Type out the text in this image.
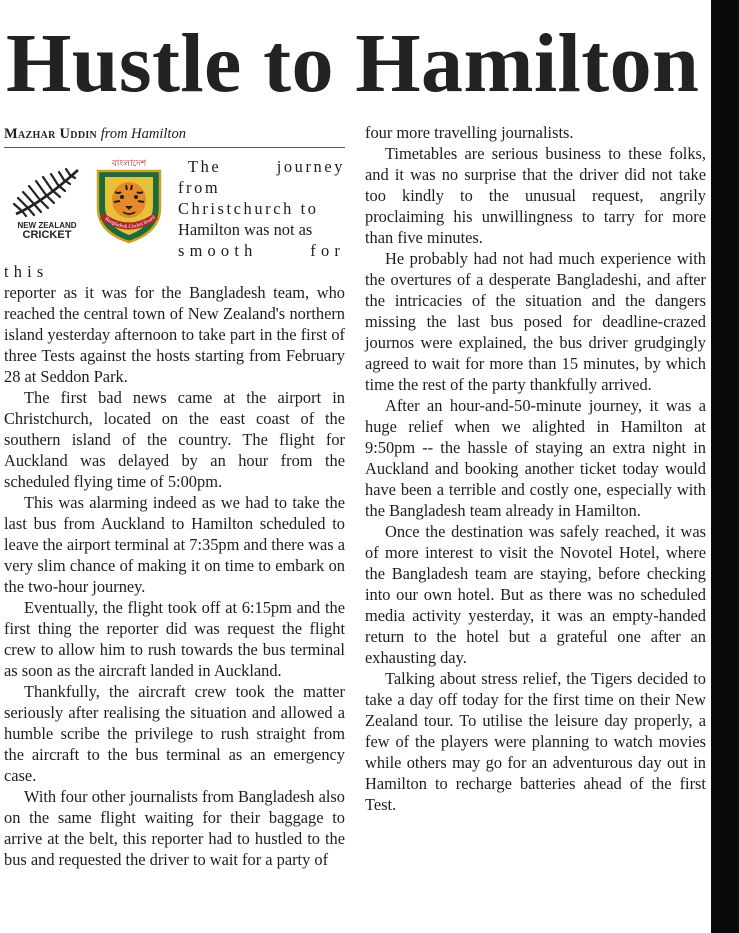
Hustle to Hamilton
Mazhar Uddin from Hamilton
NEW ZEALAND
CRICKET
বাংলাদেশ
Bangladesh Cricket Board

The journey from

Christchurch to

Hamilton was not as

smooth for this

reporter as it was for the Bangladesh team, who reached the central town of New Zealand's northern island yesterday afternoon to take part in the first of three Tests against the hosts starting from February 28 at Seddon Park.

The first bad news came at the airport in Christchurch, located on the east coast of the southern island of the country. The flight for Auckland was delayed by an hour from the scheduled flying time of 5:00pm.

This was alarming indeed as we had to take the last bus from Auckland to Hamilton scheduled to leave the airport terminal at 7:35pm and there was a very slim chance of making it on time to embark on the two-hour journey.

Eventually, the flight took off at 6:15pm and the first thing the reporter did was request the flight crew to allow him to rush towards the bus terminal as soon as the aircraft landed in Auckland.

Thankfully, the aircraft crew took the matter seriously after realising the situation and allowed a humble scribe the privilege to rush straight from the aircraft to the bus terminal as an emergency case.

With four other journalists from Bangladesh also on the same flight waiting for their baggage to arrive at the belt, this reporter had to hustled to the bus and requested the driver to wait for a party of

four more travelling journalists.

Timetables are serious business to these folks, and it was no surprise that the driver did not take too kindly to the unusual request, angrily proclaiming his unwillingness to tarry for more than five minutes.

He probably had not had much experience with the overtures of a desperate Bangladeshi, and after the intricacies of the situation and the dangers missing the last bus posed for deadline-crazed journos were explained, the bus driver grudgingly agreed to wait for more than 15 minutes, by which time the rest of the party thankfully arrived.

After an hour-and-50-minute journey, it was a huge relief when we alighted in Hamilton at 9:50pm -- the hassle of staying an extra night in Auckland and booking another ticket today would have been a terrible and costly one, especially with the Bangladesh team already in Hamilton.

Once the destination was safely reached, it was of more interest to visit the Novotel Hotel, where the Bangladesh team are staying, before checking into our own hotel. But as there was no scheduled media activity yesterday, it was an empty-handed return to the hotel but a grateful one after an exhausting day.

Talking about stress relief, the Tigers decided to take a day off today for the first time on their New Zealand tour. To utilise the leisure day properly, a few of the players were planning to watch movies while others may go for an adventurous day out in Hamilton to recharge batteries ahead of the first Test.
